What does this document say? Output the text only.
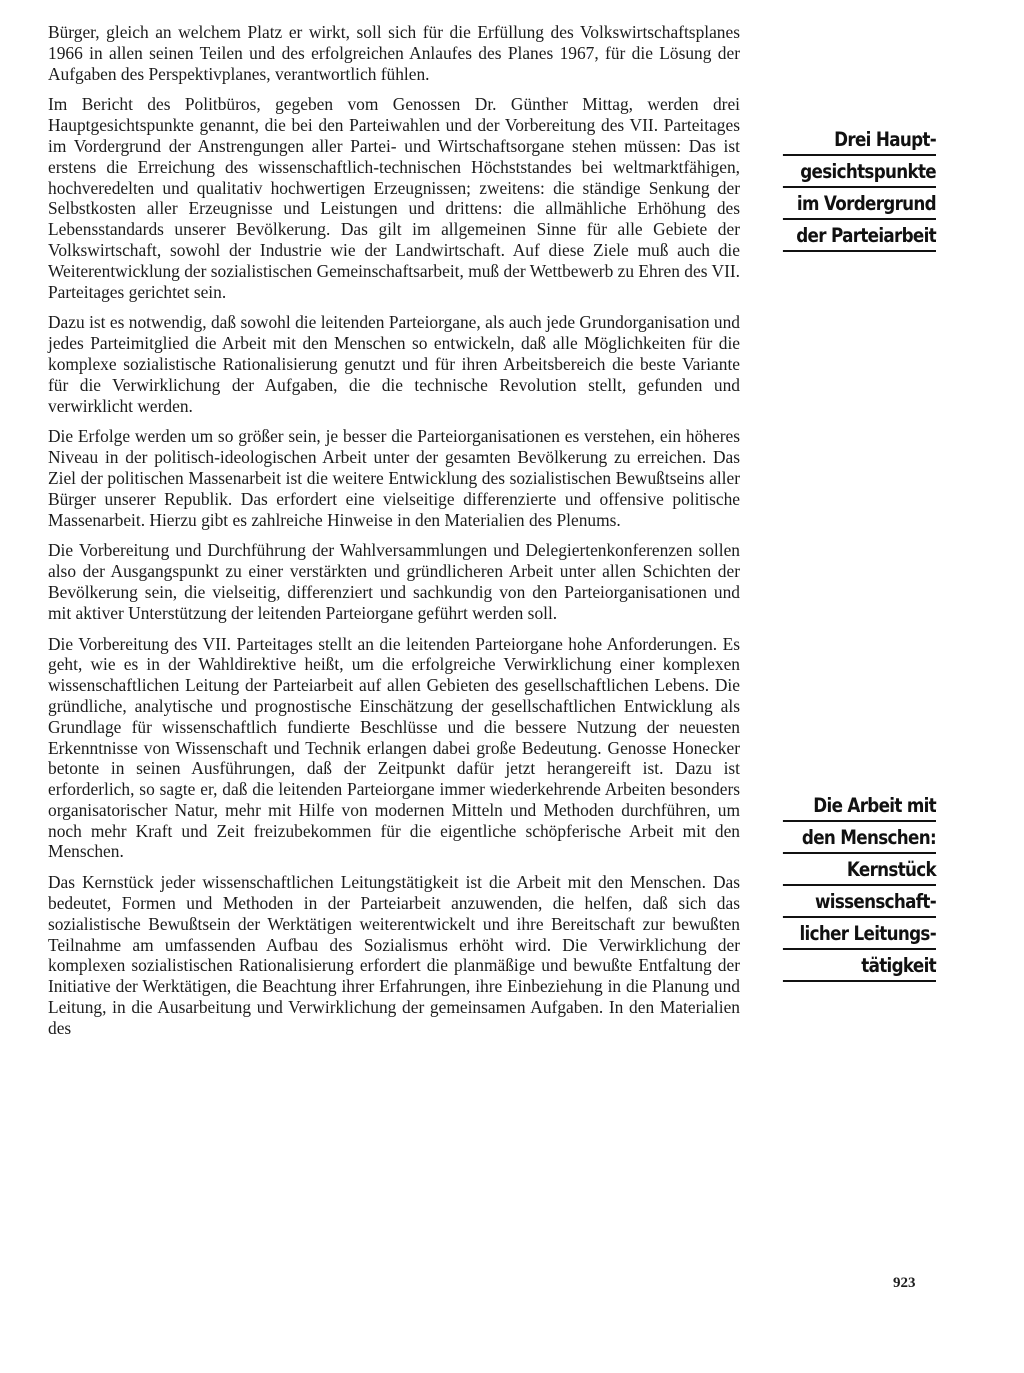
Bürger, gleich an welchem Platz er wirkt, soll sich für die Erfüllung des Volkswirtschaftsplanes 1966 in allen seinen Teilen und des erfolgreichen Anlaufes des Planes 1967, für die Lösung der Aufgaben des Perspektivplanes, verantwortlich fühlen.

Im Bericht des Politbüros, gegeben vom Genossen Dr. Günther Mittag, werden drei Hauptgesichtspunkte genannt, die bei den Parteiwahlen und der Vorbereitung des VII. Parteitages im Vordergrund der Anstrengungen aller Partei- und Wirtschaftsorgane stehen müssen: Das ist erstens die Erreichung des wissenschaftlich-technischen Höchststandes bei weltmarktfähigen, hochveredelten und qualitativ hochwertigen Erzeugnissen; zweitens: die ständige Senkung der Selbstkosten aller Erzeugnisse und Leistungen und drittens: die allmähliche Erhöhung des Lebensstandards unserer Bevölkerung. Das gilt im allgemeinen Sinne für alle Gebiete der Volkswirtschaft, sowohl der Industrie wie der Landwirtschaft. Auf diese Ziele muß auch die Weiterentwicklung der sozialistischen Gemeinschaftsarbeit, muß der Wettbewerb zu Ehren des VII. Parteitages gerichtet sein.

Dazu ist es notwendig, daß sowohl die leitenden Parteiorgane, als auch jede Grundorganisation und jedes Parteimitglied die Arbeit mit den Menschen so entwickeln, daß alle Möglichkeiten für die komplexe sozialistische Rationalisierung genutzt und für ihren Arbeitsbereich die beste Variante für die Verwirklichung der Aufgaben, die die technische Revolution stellt, gefunden und verwirklicht werden.

Die Erfolge werden um so größer sein, je besser die Parteiorganisationen es verstehen, ein höheres Niveau in der politisch-ideologischen Arbeit unter der gesamten Bevölkerung zu erreichen. Das Ziel der politischen Massenarbeit ist die weitere Entwicklung des sozialistischen Bewußtseins aller Bürger unserer Republik. Das erfordert eine vielseitige differenzierte und offensive politische Massenarbeit. Hierzu gibt es zahlreiche Hinweise in den Materialien des Plenums.

Die Vorbereitung und Durchführung der Wahlversammlungen und Delegiertenkonferenzen sollen also der Ausgangspunkt zu einer verstärkten und gründlicheren Arbeit unter allen Schichten der Bevölkerung sein, die vielseitig, differenziert und sachkundig von den Parteiorganisationen und mit aktiver Unterstützung der leitenden Parteiorgane geführt werden soll.

Die Vorbereitung des VII. Parteitages stellt an die leitenden Parteiorgane hohe Anforderungen. Es geht, wie es in der Wahldirektive heißt, um die erfolgreiche Verwirklichung einer komplexen wissenschaftlichen Leitung der Parteiarbeit auf allen Gebieten des gesellschaftlichen Lebens. Die gründliche, analytische und prognostische Einschätzung der gesellschaftlichen Entwicklung als Grundlage für wissenschaftlich fundierte Beschlüsse und die bessere Nutzung der neuesten Erkenntnisse von Wissenschaft und Technik erlangen dabei große Bedeutung. Genosse Honecker betonte in seinen Ausführungen, daß der Zeitpunkt dafür jetzt herangereift ist. Dazu ist erforderlich, so sagte er, daß die leitenden Parteiorgane immer wiederkehrende Arbeiten besonders organisatorischer Natur, mehr mit Hilfe von modernen Mitteln und Methoden durchführen, um noch mehr Kraft und Zeit freizubekommen für die eigentliche schöpferische Arbeit mit den Menschen.

Das Kernstück jeder wissenschaftlichen Leitungstätigkeit ist die Arbeit mit den Menschen. Das bedeutet, Formen und Methoden in der Parteiarbeit anzuwenden, die helfen, daß sich das sozialistische Bewußtsein der Werktätigen weiterentwickelt und ihre Bereitschaft zur bewußten Teilnahme am umfassenden Aufbau des Sozialismus erhöht wird. Die Verwirklichung der komplexen sozialistischen Rationalisierung erfordert die planmäßige und bewußte Entfaltung der Initiative der Werktätigen, die Beachtung ihrer Erfahrungen, ihre Einbeziehung in die Planung und Leitung, in die Ausarbeitung und Verwirklichung der gemeinsamen Aufgaben. In den Materialien des

Drei Haupt-
gesichtspunkte
im Vordergrund
der Parteiarbeit
Die Arbeit mit
den Menschen:
Kernstück
wissenschaft-
licher Leitungs-
tätigkeit
923
